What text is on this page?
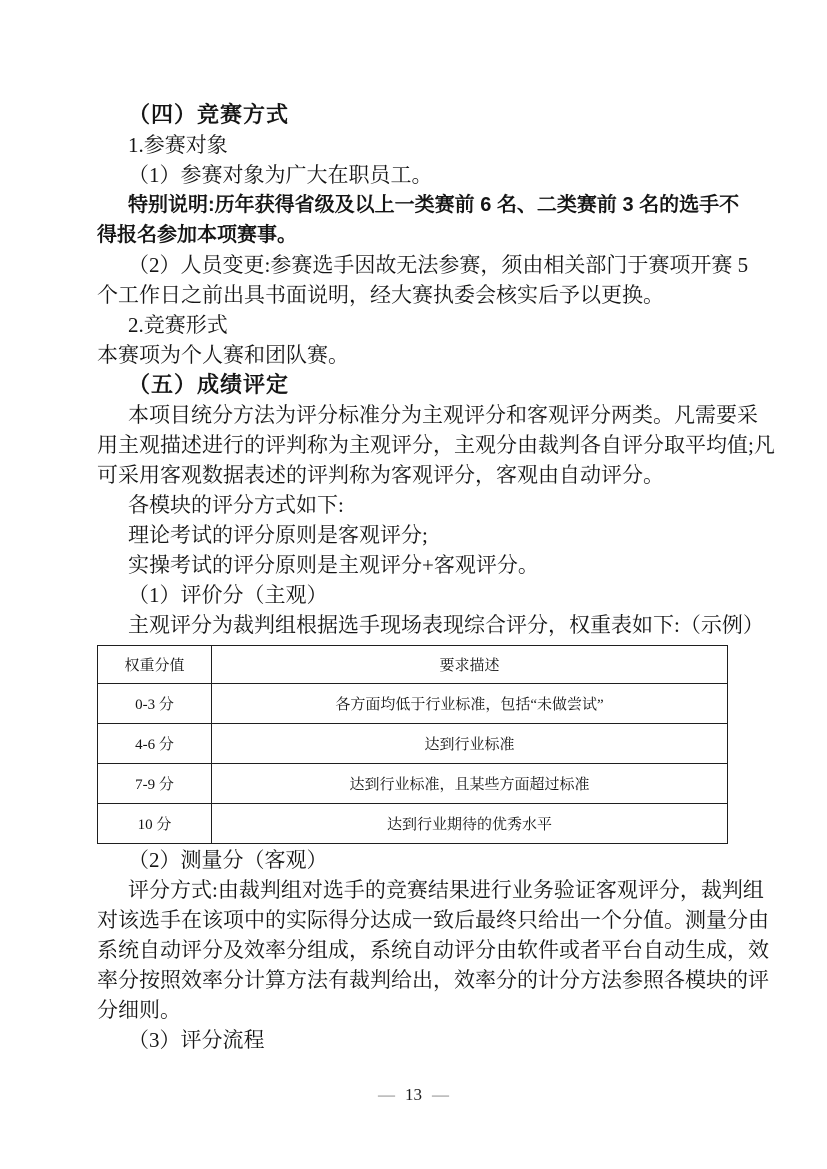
（四）竞赛方式
1.参赛对象
（1）参赛对象为广大在职员工。
特别说明:历年获得省级及以上一类赛前 6 名、二类赛前 3 名的选手不
得报名参加本项赛事。
（2）人员变更:参赛选手因故无法参赛，须由相关部门于赛项开赛 5
个工作日之前出具书面说明，经大赛执委会核实后予以更换。
2.竞赛形式
本赛项为个人赛和团队赛。
（五）成绩评定
本项目统分方法为评分标准分为主观评分和客观评分两类。凡需要采
用主观描述进行的评判称为主观评分，主观分由裁判各自评分取平均值;凡
可采用客观数据表述的评判称为客观评分，客观由自动评分。
各模块的评分方式如下:
理论考试的评分原则是客观评分;
实操考试的评分原则是主观评分+客观评分。
（1）评价分（主观）
主观评分为裁判组根据选手现场表现综合评分，权重表如下:（示例）
权重分值	要求描述
0-3 分	各方面均低于行业标准，包括“未做尝试”
4-6 分	达到行业标准
7-9 分	达到行业标准，且某些方面超过标准
10 分	达到行业期待的优秀水平
（2）测量分（客观）
评分方式:由裁判组对选手的竞赛结果进行业务验证客观评分，裁判组
对该选手在该项中的实际得分达成一致后最终只给出一个分值。测量分由
系统自动评分及效率分组成，系统自动评分由软件或者平台自动生成，效
率分按照效率分计算方法有裁判给出，效率分的计分方法参照各模块的评
分细则。
（3）评分流程
— 13 —
